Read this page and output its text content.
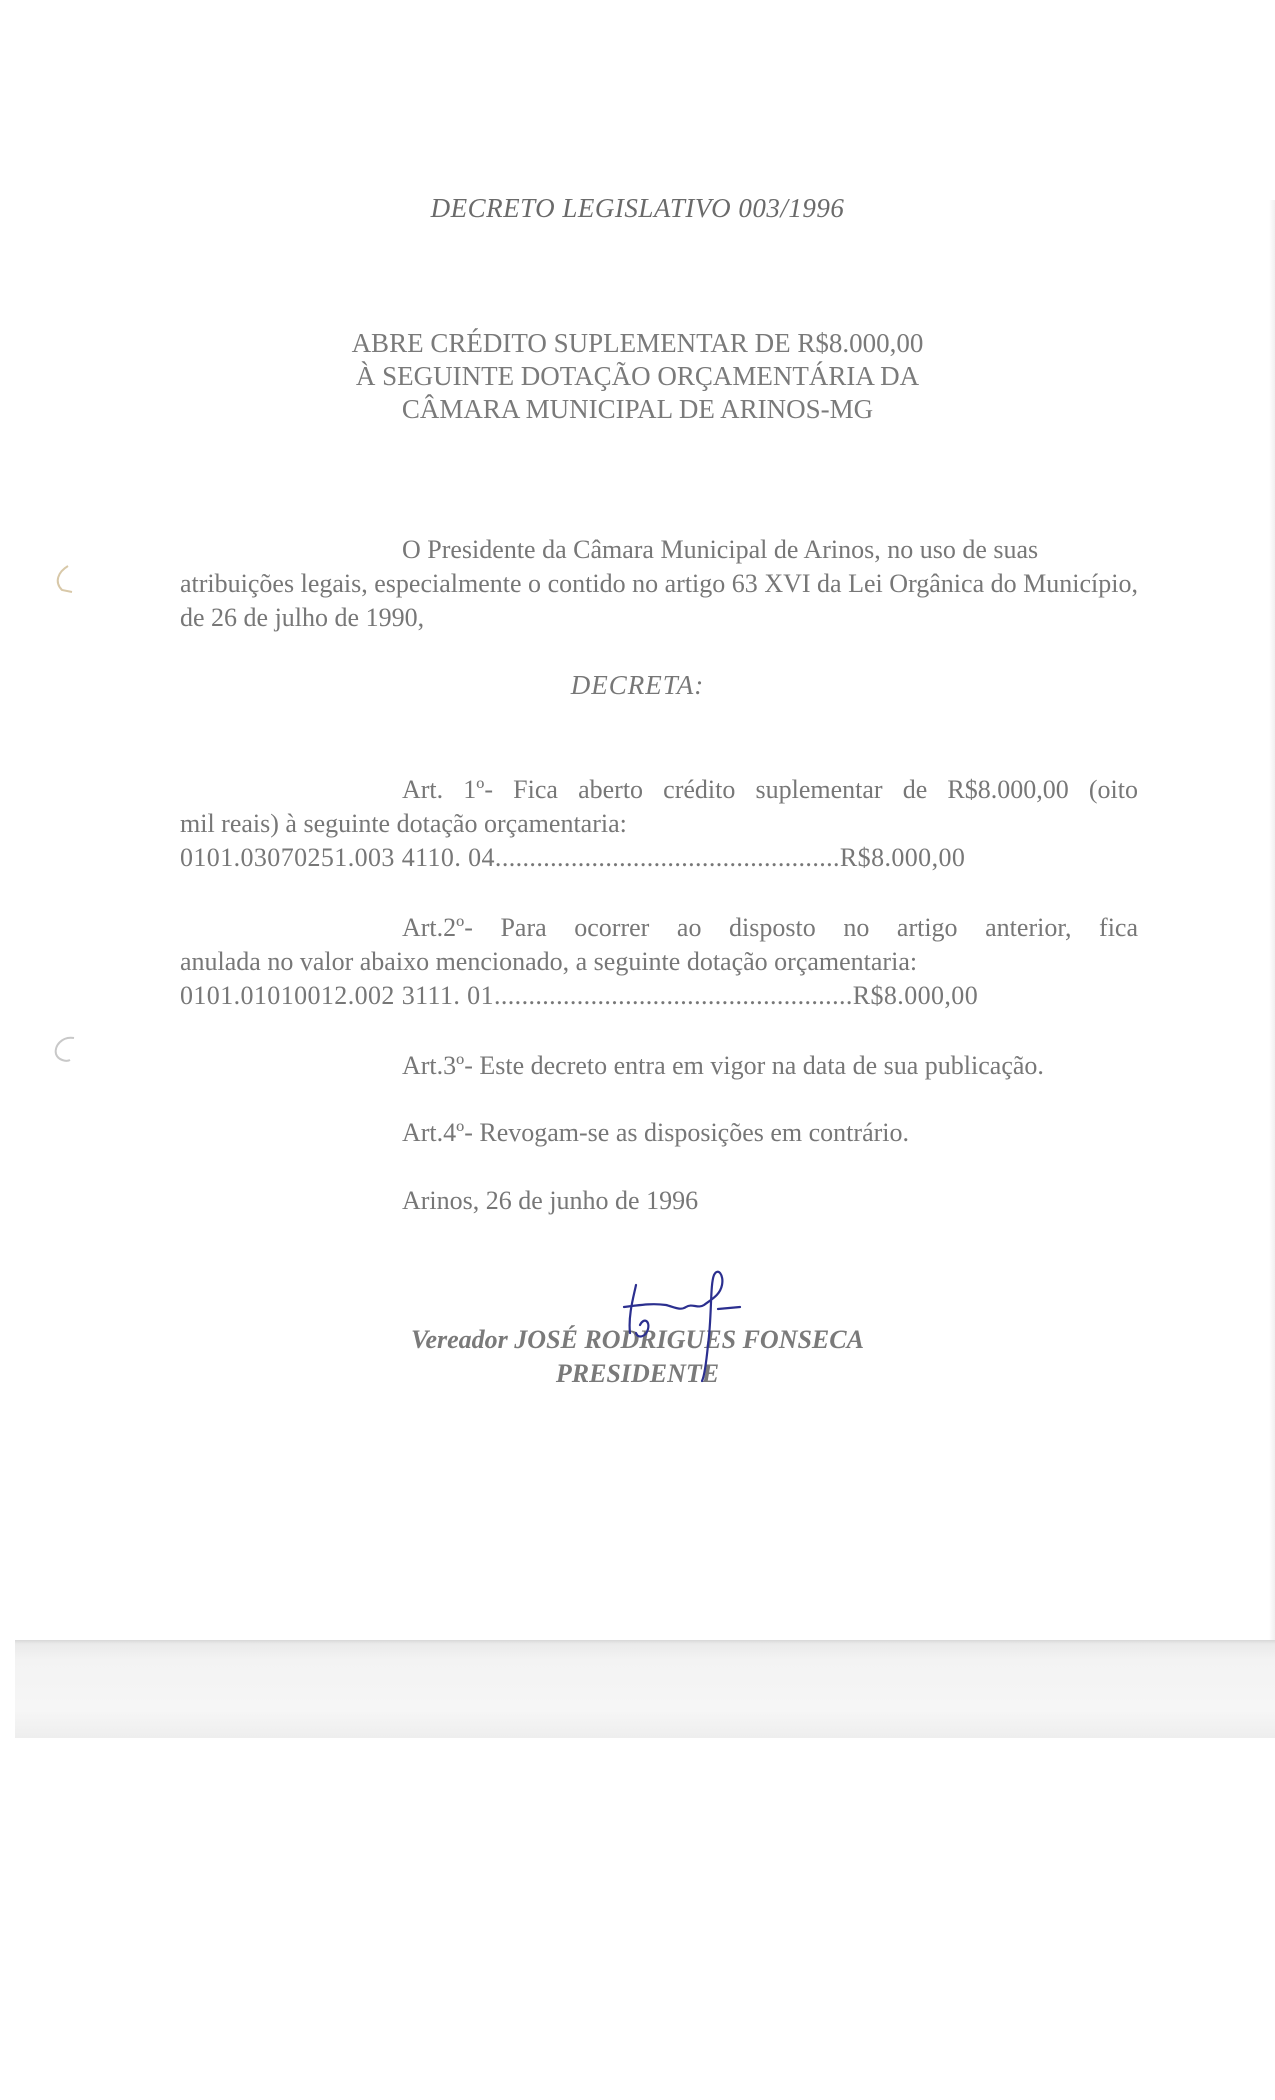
DECRETO LEGISLATIVO 003/1996
ABRE CRÉDITO SUPLEMENTAR DE R$8.000,00
À SEGUINTE DOTAÇÃO ORÇAMENTÁRIA DA
CÂMARA MUNICIPAL DE ARINOS-MG
O Presidente da Câmara Municipal de Arinos, no uso de suas
atribuições legais, especialmente o contido no artigo 63 XVI da Lei Orgânica do Município, de 26 de julho de 1990,
DECRETA:
Art. 1º- Fica aberto crédito suplementar de R$8.000,00 (oito
mil reais) à seguinte dotação orçamentaria:
0101.03070251.003 4110. 04..................................................R$8.000,00
Art.2º- Para ocorrer ao disposto no artigo anterior, fica
anulada no valor abaixo mencionado, a seguinte dotação orçamentaria:
0101.01010012.002 3111. 01....................................................R$8.000,00
Art.3º- Este decreto entra em vigor na data de sua publicação.
Art.4º- Revogam-se as disposições em contrário.
Arinos, 26 de junho de 1996
Vereador JOSÉ RODRIGUES FONSECA
PRESIDENTE
